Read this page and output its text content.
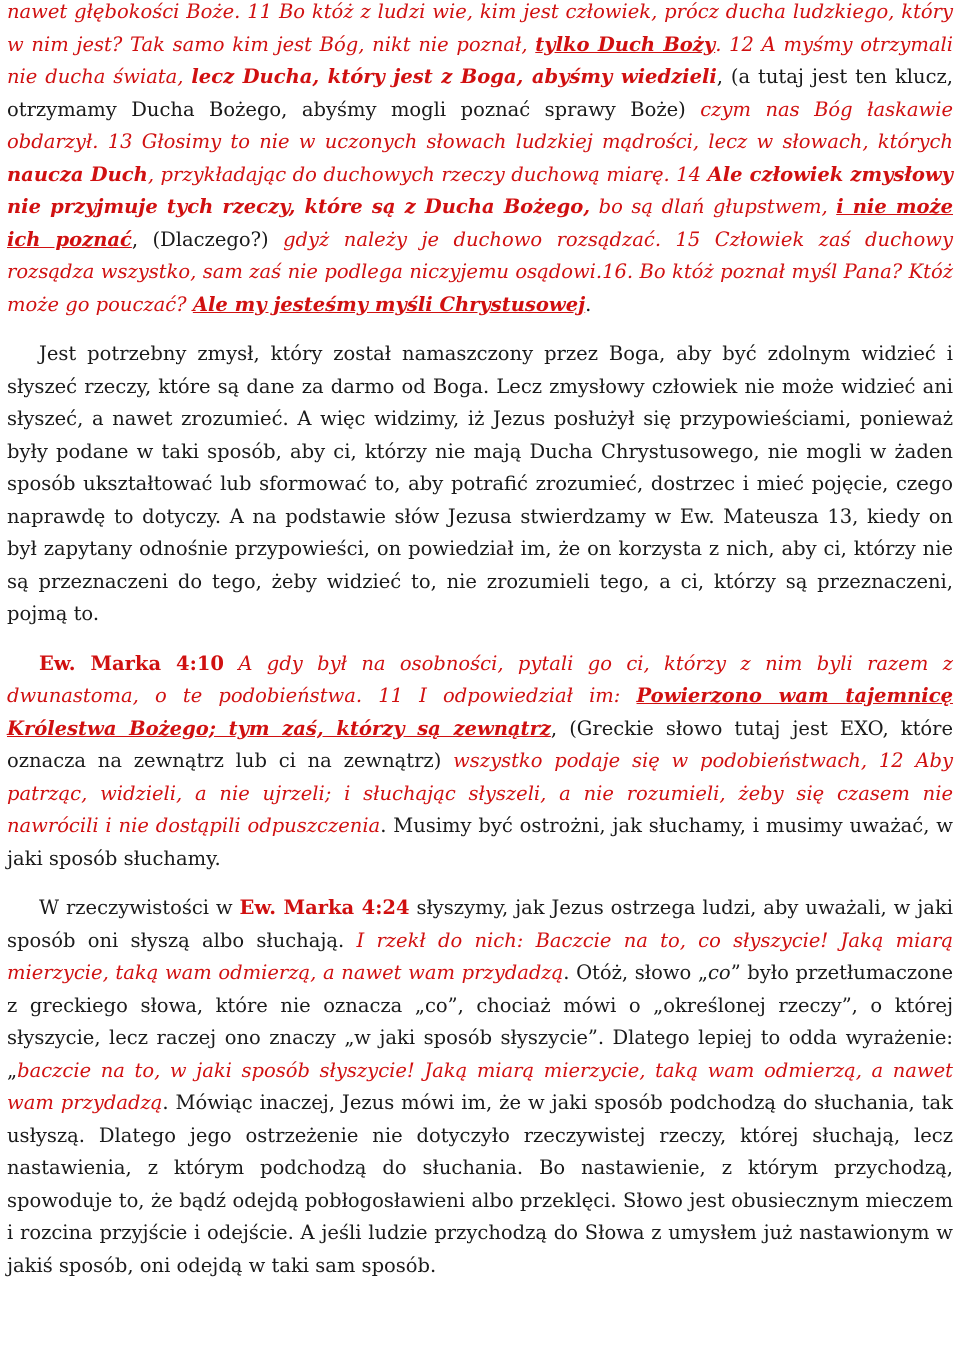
nawet głębokości Boże. 11 Bo któż z ludzi wie, kim jest człowiek, prócz ducha ludzkiego, który w nim jest? Tak samo kim jest Bóg, nikt nie poznał, tylko Duch Boży. 12 A myśmy otrzymali nie ducha świata, lecz Ducha, który jest z Boga, abyśmy wiedzieli, (a tutaj jest ten klucz, otrzymamy Ducha Bożego, abyśmy mogli poznać sprawy Boże) czym nas Bóg łaskawie obdarzył. 13 Głosimy to nie w uczonych słowach ludzkiej mądrości, lecz w słowach, których naucza Duch, przykładając do duchowych rzeczy duchową miarę. 14 Ale człowiek zmysłowy nie przyjmuje tych rzeczy, które są z Ducha Bożego, bo są dlań głupstwem, i nie może ich poznać, (Dlaczego?) gdyż należy je duchowo rozsądzać. 15 Człowiek zaś duchowy rozsądza wszystko, sam zaś nie podlega niczyjemu osądowi.16. Bo któż poznał myśl Pana? Któż może go pouczać? Ale my jesteśmy myśli Chrystusowej.

Jest potrzebny zmysł, który został namaszczony przez Boga, aby być zdolnym widzieć i słyszeć rzeczy, które są dane za darmo od Boga. Lecz zmysłowy człowiek nie może widzieć ani słyszeć, a nawet zrozumieć. A więc widzimy, iż Jezus posłużył się przypowieściami, ponieważ były podane w taki sposób, aby ci, którzy nie mają Ducha Chrystusowego, nie mogli w żaden sposób ukształtować lub sformować to, aby potrafić zrozumieć, dostrzec i mieć pojęcie, czego naprawdę to dotyczy. A na podstawie słów Jezusa stwierdzamy w Ew. Mateusza 13, kiedy on był zapytany odnośnie przypowieści, on powiedział im, że on korzysta z nich, aby ci, którzy nie są przeznaczeni do tego, żeby widzieć to, nie zrozumieli tego, a ci, którzy są przeznaczeni, pojmą to.

Ew. Marka 4:10 A gdy był na osobności, pytali go ci, którzy z nim byli razem z dwunastoma, o te podobieństwa. 11 I odpowiedział im: Powierzono wam tajemnicę Królestwa Bożego; tym zaś, którzy są zewnątrz, (Greckie słowo tutaj jest EXO, które oznacza na zewnątrz lub ci na zewnątrz) wszystko podaje się w podobieństwach, 12 Aby patrząc, widzieli, a nie ujrzeli; i słuchając słyszeli, a nie rozumieli, żeby się czasem nie nawrócili i nie dostąpili odpuszczenia. Musimy być ostrożni, jak słuchamy, i musimy uważać, w jaki sposób słuchamy.

W rzeczywistości w Ew. Marka 4:24 słyszymy, jak Jezus ostrzega ludzi, aby uważali, w jaki sposób oni słyszą albo słuchają. I rzekł do nich: Baczcie na to, co słyszycie! Jaką miarą mierzycie, taką wam odmierzą, a nawet wam przydadzą. Otóż, słowo „co” było przetłumaczone z greckiego słowa, które nie oznacza „co”, chociaż mówi o „określonej rzeczy”, o której słyszycie, lecz raczej ono znaczy „w jaki sposób słyszycie”. Dlatego lepiej to odda wyrażenie: „baczcie na to, w jaki sposób słyszycie! Jaką miarą mierzycie, taką wam odmierzą, a nawet wam przydadzą. Mówiąc inaczej, Jezus mówi im, że w jaki sposób podchodzą do słuchania, tak usłyszą. Dlatego jego ostrzeżenie nie dotyczyło rzeczywistej rzeczy, której słuchają, lecz nastawienia, z którym podchodzą do słuchania. Bo nastawienie, z którym przychodzą, spowoduje to, że bądź odejdą pobłogosławieni albo przeklęci. Słowo jest obusiecznym mieczem i rozcina przyjście i odejście. A jeśli ludzie przychodzą do Słowa z umysłem już nastawionym w jakiś sposób, oni odejdą w taki sam sposób.
